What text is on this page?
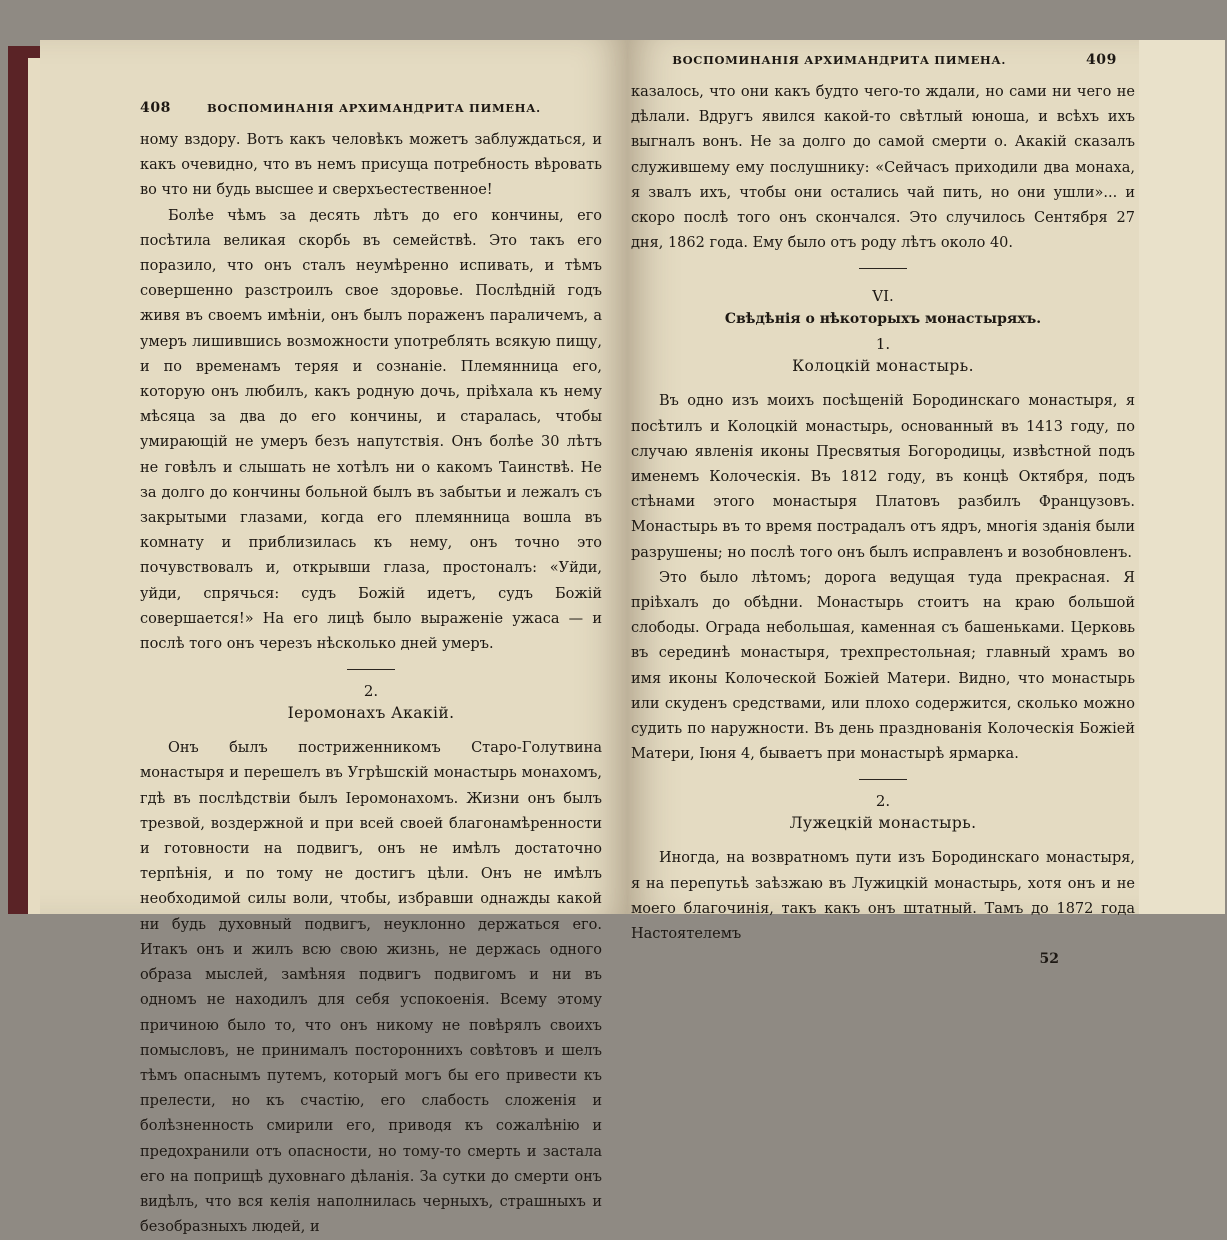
408	ВОСПОМИНАНІЯ АРХИМАНДРИТА ПИМЕНА.

ному вздору. Вотъ какъ человѣкъ можетъ заблуждаться, и какъ очевидно, что въ немъ присуща потребность вѣровать во что ни будь высшее и сверхъестественное!

Болѣе чѣмъ за десять лѣтъ до его кончины, его посѣтила великая скорбь въ семействѣ. Это такъ его поразило, что онъ сталъ неумѣренно испивать, и тѣмъ совершенно разстроилъ свое здоровье. Послѣдній годъ живя въ своемъ имѣніи, онъ былъ пораженъ параличемъ, а умеръ лишившись возможности употреблять всякую пищу, и по временамъ теряя и сознаніе. Племянница его, которую онъ любилъ, какъ родную дочь, пріѣхала къ нему мѣсяца за два до его кончины, и старалась, чтобы умирающій не умеръ безъ напутствія. Онъ болѣе 30 лѣтъ не говѣлъ и слышать не хотѣлъ ни о какомъ Таинствѣ. Не за долго до кончины больной былъ въ забытьи и лежалъ съ закрытыми глазами, когда его племянница вошла въ комнату и приблизилась къ нему, онъ точно это почувствовалъ и, открывши глаза, простоналъ: «Уйди, уйди, спрячься: судъ Божій идетъ, судъ Божій совершается!» На его лицѣ было выраженіе ужаса — и послѣ того онъ черезъ нѣсколько дней умеръ.

2.
Іеромонахъ Акакій.

Онъ былъ постриженникомъ Старо-Голутвина монастыря и перешелъ въ Угрѣшскій монастырь монахомъ, гдѣ въ послѣдствіи былъ Іеромонахомъ. Жизни онъ былъ трезвой, воздержной и при всей своей благонамѣренности и готовности на подвигъ, онъ не имѣлъ достаточно терпѣнія, и по тому не достигъ цѣли. Онъ не имѣлъ необходимой силы воли, чтобы, избравши однажды какой ни будь духовный подвигъ, неуклонно держаться его. Итакъ онъ и жилъ всю свою жизнь, не держась одного образа мыслей, замѣняя подвигъ подвигомъ и ни въ одномъ не находилъ для себя успокоенія. Всему этому причиною было то, что онъ никому не повѣрялъ своихъ помысловъ, не принималъ постороннихъ совѣтовъ и шелъ тѣмъ опаснымъ путемъ, который могъ бы его привести къ прелести, но къ счастію, его слабость сложенія и болѣзненность смирили его, приводя къ сожалѣнію и предохранили отъ опасности, но тому-то смерть и застала его на поприщѣ духовнаго дѣланія. За сутки до смерти онъ видѣлъ, что вся келія наполнилась черныхъ, страшныхъ и безобразныхъ людей, и

ВОСПОМИНАНІЯ АРХИМАНДРИТА ПИМЕНА.	409

казалось, что они какъ будто чего-то ждали, но сами ни чего не дѣлали. Вдругъ явился какой-то свѣтлый юноша, и всѣхъ ихъ выгналъ вонъ. Не за долго до самой смерти о. Акакій сказалъ служившему ему послушнику: «Сейчасъ приходили два монаха, я звалъ ихъ, чтобы они остались чай пить, но они ушли»... и скоро послѣ того онъ скончался. Это случилось Сентября 27 дня, 1862 года. Ему было отъ роду лѣтъ около 40.

VI.
Свѣдѣнія о нѣкоторыхъ монастыряхъ.
1.
Колоцкій монастырь.

Въ одно изъ моихъ посѣщеній Бородинскаго монастыря, я посѣтилъ и Колоцкій монастырь, основанный въ 1413 году, по случаю явленія иконы Пресвятыя Богородицы, извѣстной подъ именемъ Колоческія. Въ 1812 году, въ концѣ Октября, подъ стѣнами этого монастыря Платовъ разбилъ Французовъ. Монастырь въ то время пострадалъ отъ ядръ, многія зданія были разрушены; но послѣ того онъ былъ исправленъ и возобновленъ.

Это было лѣтомъ; дорога ведущая туда прекрасная. Я пріѣхалъ до обѣдни. Монастырь стоитъ на краю большой слободы. Ограда небольшая, каменная съ башеньками. Церковь въ серединѣ монастыря, трехпрестольная; главный храмъ во имя иконы Колоческой Божіей Матери. Видно, что монастырь или скуденъ средствами, или плохо содержится, сколько можно судить по наружности. Въ день празднованія Колоческія Божіей Матери, Іюня 4, бываетъ при монастырѣ ярмарка.

2.
Лужецкій монастырь.

Иногда, на возвратномъ пути изъ Бородинскаго монастыря, я на перепутьѣ заѣзжаю въ Лужицкій монастырь, хотя онъ и не моего благочинія, такъ какъ онъ штатный. Тамъ до 1872 года Настоятелемъ

52
